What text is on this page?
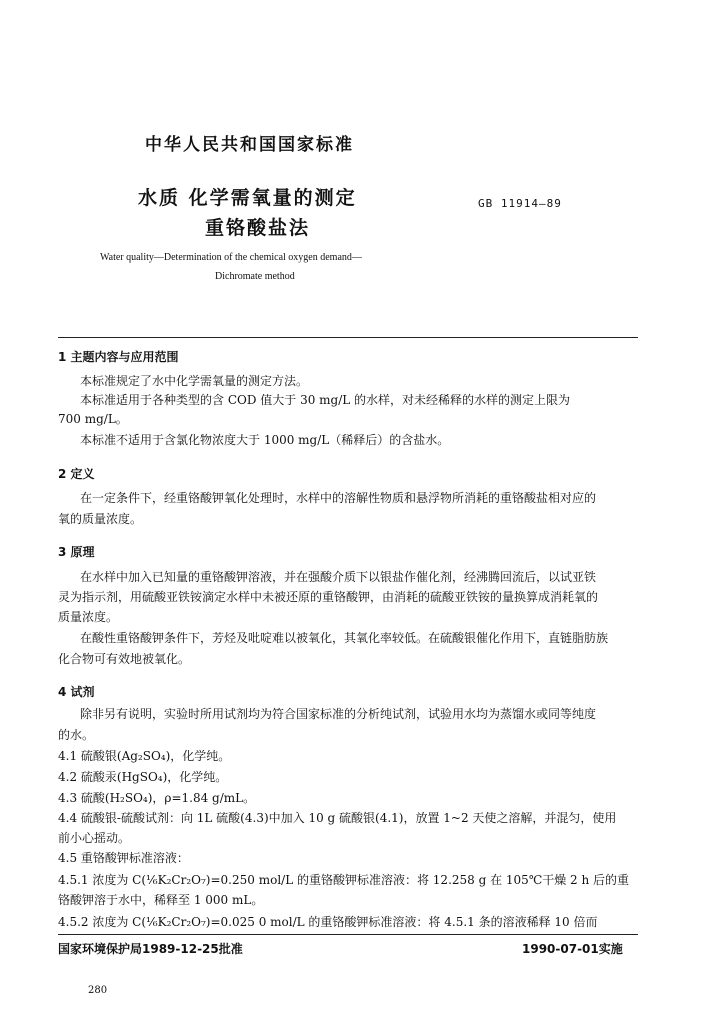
中华人民共和国国家标准
水质 化学需氧量的测定
重铬酸盐法
GB 11914—89
Water quality—Determination of the chemical oxygen demand—
Dichromate method
1 主题内容与应用范围
本标准规定了水中化学需氧量的测定方法。
本标准适用于各种类型的含 COD 值大于 30 mg/L 的水样，对未经稀释的水样的测定上限为
700 mg/L。
本标准不适用于含氯化物浓度大于 1000 mg/L（稀释后）的含盐水。
2 定义
在一定条件下，经重铬酸钾氧化处理时，水样中的溶解性物质和悬浮物所消耗的重铬酸盐相对应的
氧的质量浓度。
3 原理
在水样中加入已知量的重铬酸钾溶液，并在强酸介质下以银盐作催化剂，经沸腾回流后，以试亚铁
灵为指示剂，用硫酸亚铁铵滴定水样中未被还原的重铬酸钾，由消耗的硫酸亚铁铵的量换算成消耗氧的
质量浓度。
在酸性重铬酸钾条件下，芳烃及吡啶难以被氧化，其氧化率较低。在硫酸银催化作用下，直链脂肪族
化合物可有效地被氧化。
4 试剂
除非另有说明，实验时所用试剂均为符合国家标准的分析纯试剂，试验用水均为蒸馏水或同等纯度
的水。
4.1 硫酸银(Ag₂SO₄)，化学纯。
4.2 硫酸汞(HgSO₄)，化学纯。
4.3 硫酸(H₂SO₄)，ρ=1.84 g/mL。
4.4 硫酸银-硫酸试剂：向 1L 硫酸(4.3)中加入 10 g 硫酸银(4.1)，放置 1~2 天使之溶解，并混匀，使用
前小心摇动。
4.5 重铬酸钾标准溶液：
4.5.1 浓度为 C(⅙K₂Cr₂O₇)=0.250 mol/L 的重铬酸钾标准溶液：将 12.258 g 在 105℃干燥 2 h 后的重
铬酸钾溶于水中，稀释至 1 000 mL。
4.5.2 浓度为 C(⅙K₂Cr₂O₇)=0.025 0 mol/L 的重铬酸钾标准溶液：将 4.5.1 条的溶液稀释 10 倍而
国家环境保护局1989-12-25批准	1990-07-01实施
280
